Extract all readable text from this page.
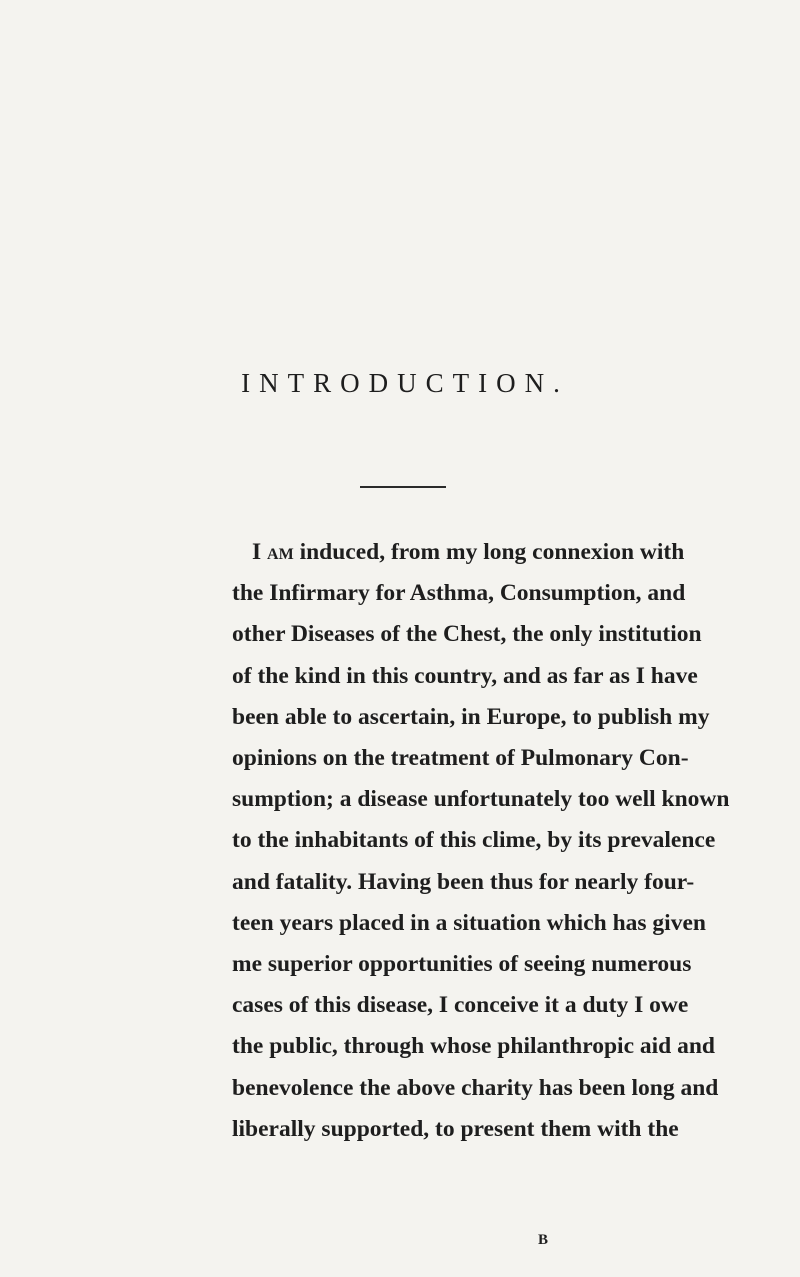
INTRODUCTION.
I am induced, from my long connexion with
the Infirmary for Asthma, Consumption, and
other Diseases of the Chest, the only institution
of the kind in this country, and as far as I have
been able to ascertain, in Europe, to publish my
opinions on the treatment of Pulmonary Con-
sumption; a disease unfortunately too well known
to the inhabitants of this clime, by its prevalence
and fatality. Having been thus for nearly four-
teen years placed in a situation which has given
me superior opportunities of seeing numerous
cases of this disease, I conceive it a duty I owe
the public, through whose philanthropic aid and
benevolence the above charity has been long and
liberally supported, to present them with the
B
